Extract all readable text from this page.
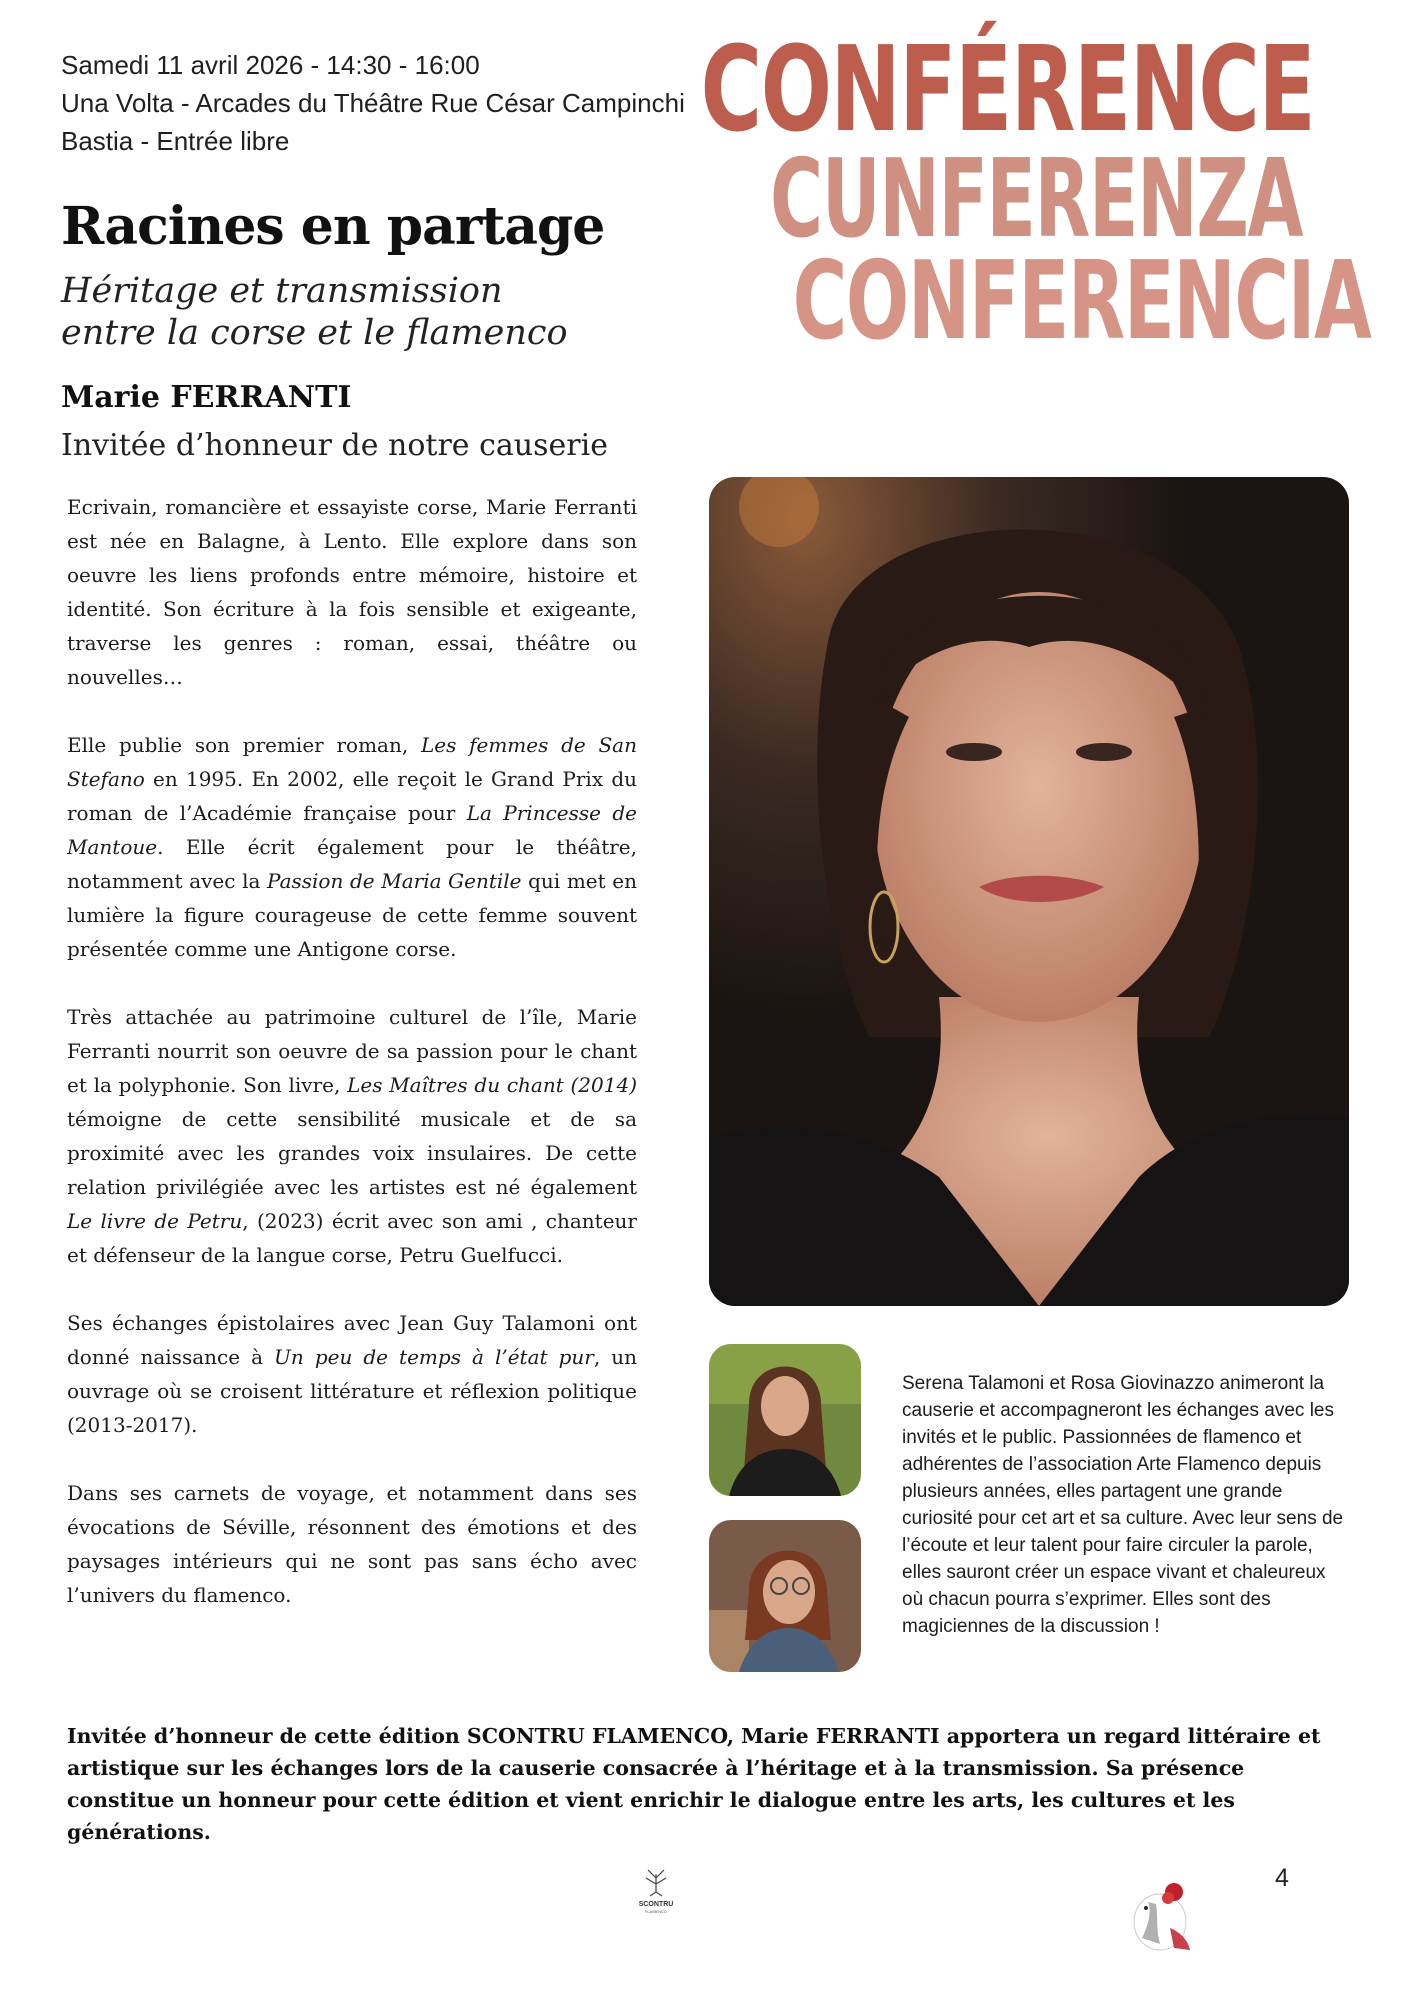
Samedi 11 avril 2026 - 14:30 - 16:00
Una Volta - Arcades du Théâtre Rue César Campinchi
Bastia - Entrée libre	CONFÉRENCE
CUNFERENZA
CONFERENCIA
Racines en partage
Héritage et transmission
entre la corse et le flamenco
Marie FERRANTI
Invitée d’honneur de notre causerie

Ecrivain, romancière et essayiste corse, Marie Ferranti est née en Balagne, à Lento. Elle explore dans son oeuvre les liens profonds entre mémoire, histoire et identité. Son écriture à la fois sensible et exigeante, traverse les genres : roman, essai, théâtre ou nouvelles…

Elle publie son premier roman, Les femmes de San Stefano en 1995. En 2002, elle reçoit le Grand Prix du roman de l’Académie française pour La Princesse de Mantoue. Elle écrit également pour le théâtre, notamment avec la Passion de Maria Gentile qui met en lumière la figure courageuse de cette femme souvent présentée comme une Antigone corse.

Très attachée au patrimoine culturel de l’île, Marie Ferranti nourrit son oeuvre de sa passion pour le chant et la polyphonie. Son livre, Les Maîtres du chant (2014) témoigne de cette sensibilité musicale et de sa proximité avec les grandes voix insulaires. De cette relation privilégiée avec les artistes est né également Le livre de Petru, (2023) écrit avec son ami , chanteur et défenseur de la langue corse, Petru Guelfucci.

Ses échanges épistolaires avec Jean Guy Talamoni ont donné naissance à Un peu de temps à l’état pur, un ouvrage où se croisent littérature et réflexion politique (2013-2017).

Dans ses carnets de voyage, et notamment dans ses évocations de Séville, résonnent des émotions et des paysages intérieurs qui ne sont pas sans écho avec l’univers du flamenco.

Serena Talamoni et Rosa Giovinazzo animeront la causerie et accompagneront les échanges avec les invités et le public. Passionnées de flamenco et adhérentes de l’association Arte Flamenco depuis plusieurs années, elles partagent une grande curiosité pour cet art et sa culture. Avec leur sens de l’écoute et leur talent pour faire circuler la parole, elles sauront créer un espace vivant et chaleureux où chacun pourra s’exprimer. Elles sont des magiciennes de la discussion !
Invitée d’honneur de cette édition SCONTRU FLAMENCO, Marie FERRANTI apportera un regard littéraire et artistique sur les échanges lors de la causerie consacrée à l’héritage et à la transmission. Sa présence constitue un honneur pour cette édition et vient enrichir le dialogue entre les arts, les cultures et les générations.
SCONTRU
FLAMENCO
4
